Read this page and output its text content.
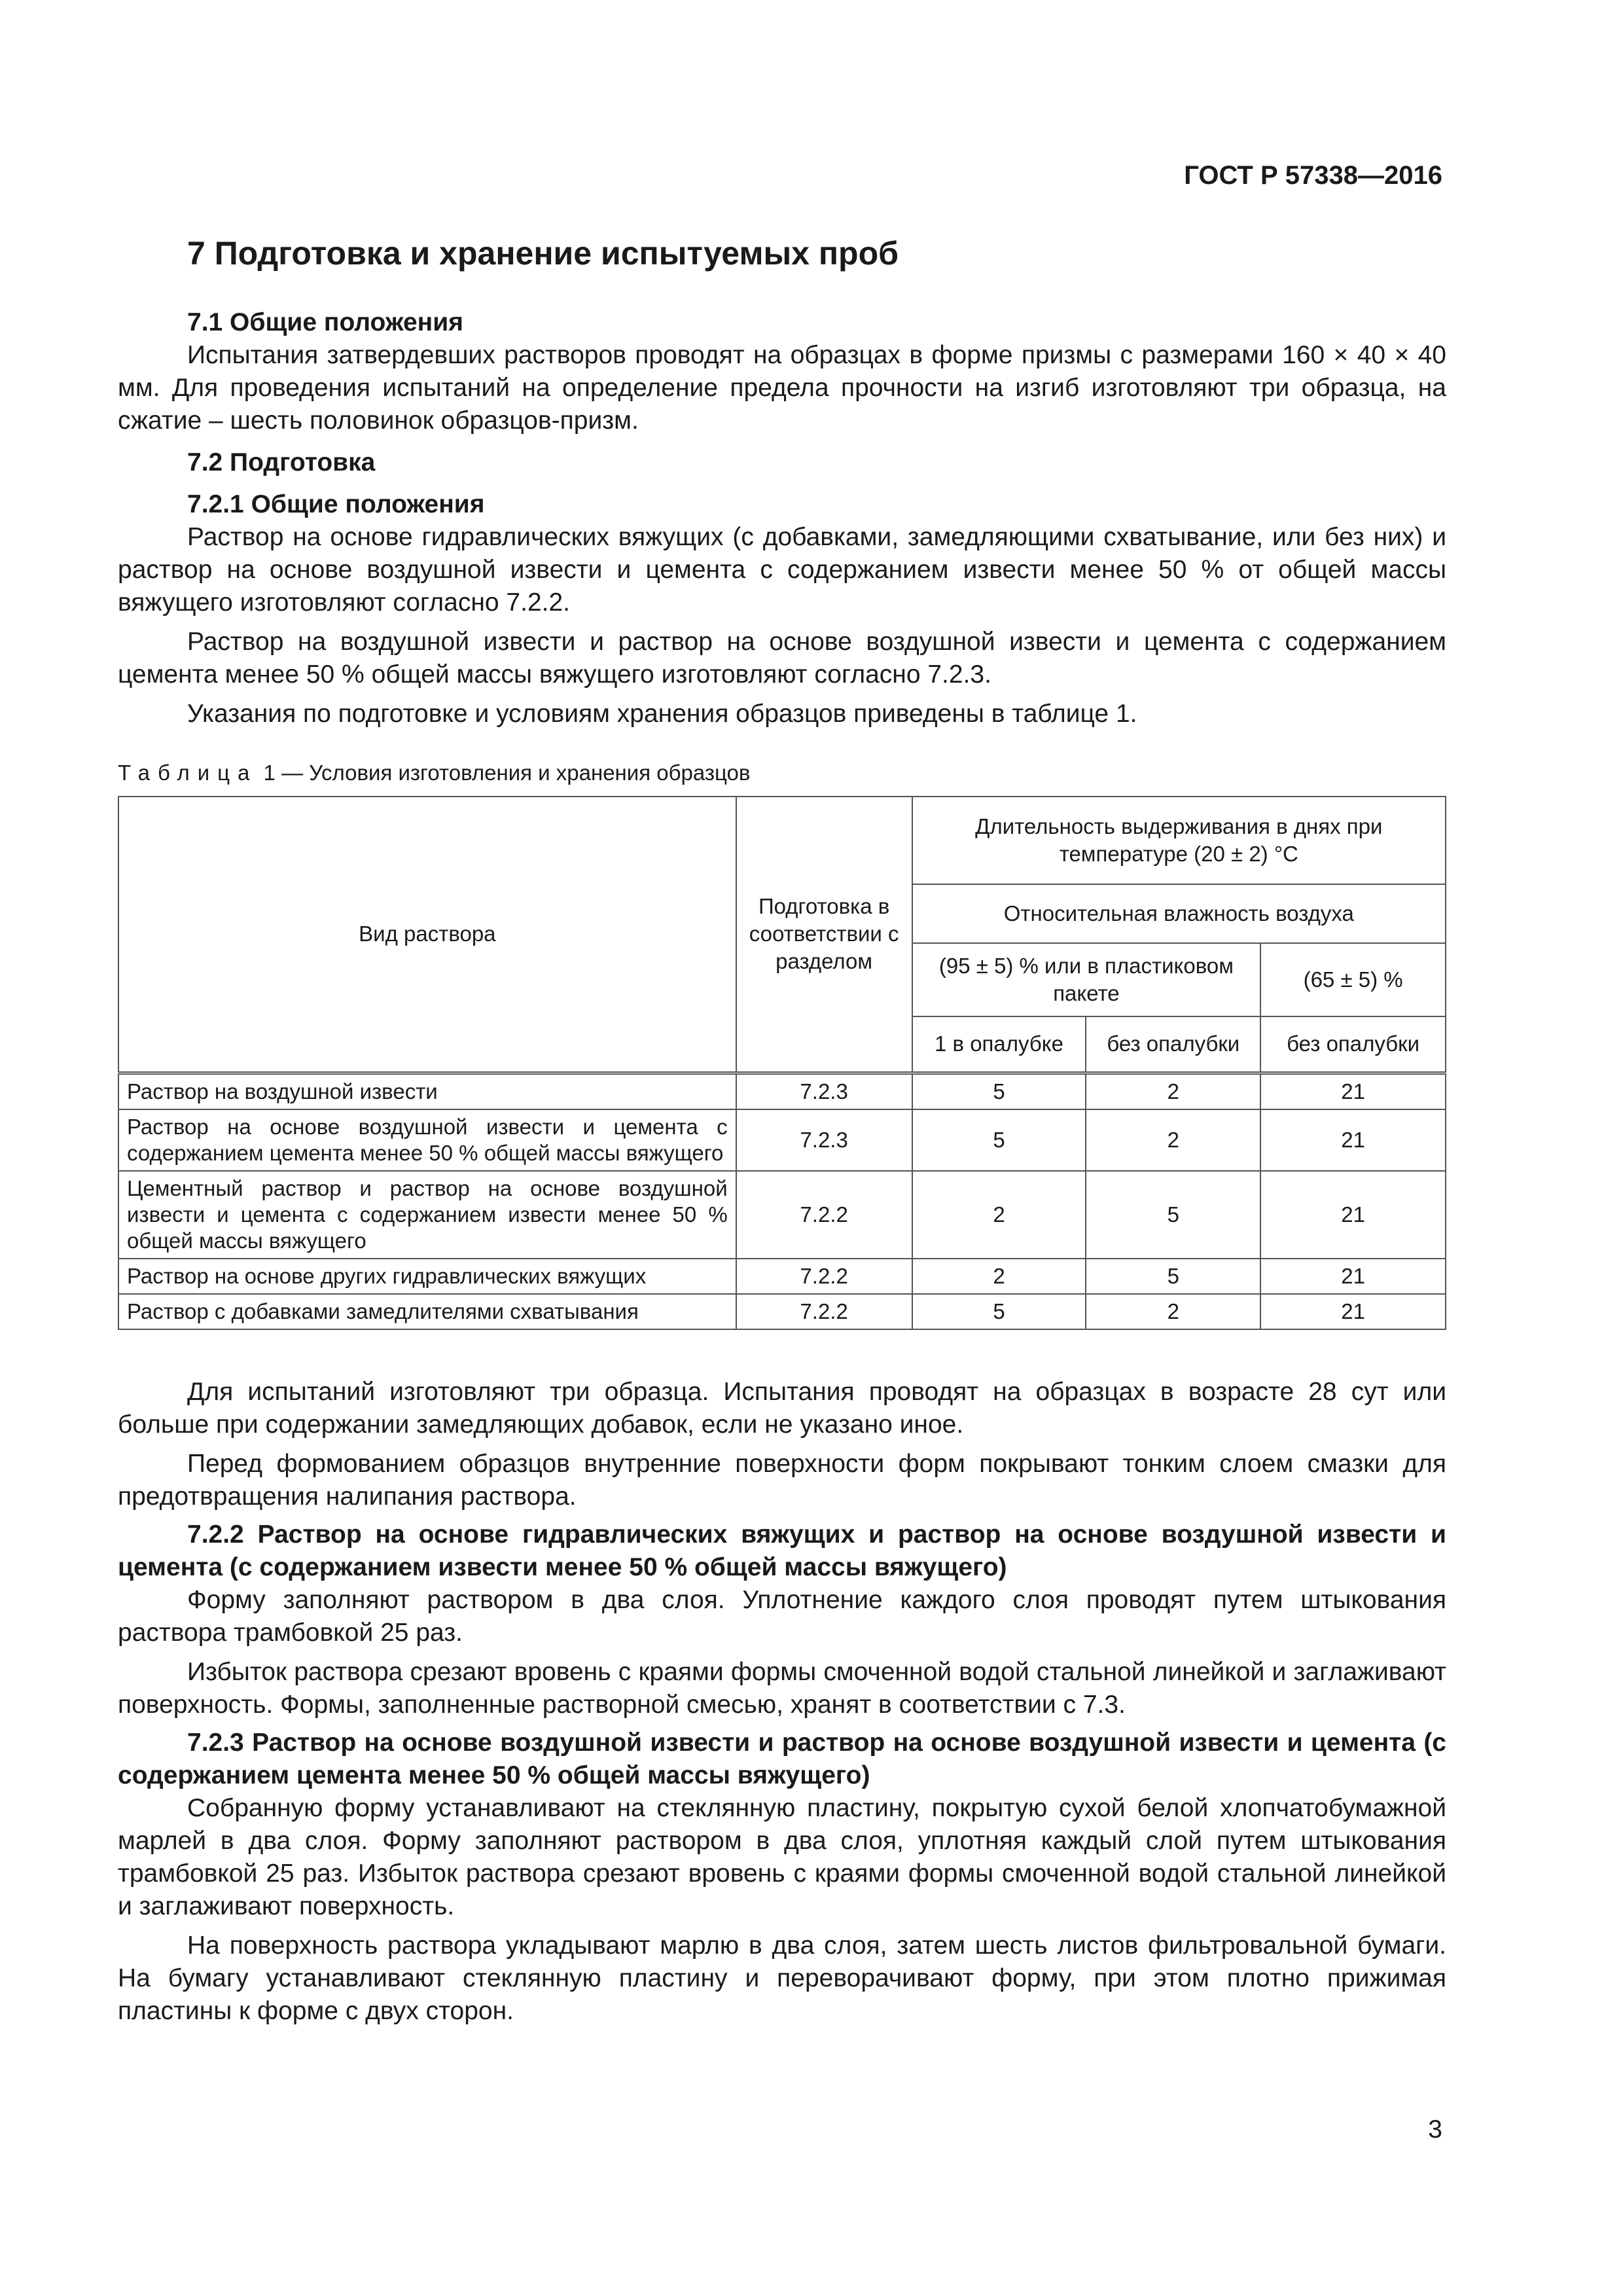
ГОСТ Р 57338—2016
7 Подготовка и хранение испытуемых проб
7.1 Общие положения

Испытания затвердевших растворов проводят на образцах в форме призмы с размерами 160 × 40 × 40 мм. Для проведения испытаний на определение предела прочности на изгиб изготовляют три образца, на сжатие – шесть половинок образцов-призм.

7.2 Подготовка
7.2.1 Общие положения

Раствор на основе гидравлических вяжущих (с добавками, замедляющими схватывание, или без них) и раствор на основе воздушной извести и цемента с содержанием извести менее 50 % от общей массы вяжущего изготовляют согласно 7.2.2.

Раствор на воздушной извести и раствор на основе воздушной извести и цемента с содержанием цемента менее 50 % общей массы вяжущего изготовляют согласно 7.2.3.

Указания по подготовке и условиям хранения образцов приведены в таблице 1.

Таблица 1 — Условия изготовления и хранения образцов
Вид раствора	Подготовка в соответствии с разделом	Длительность выдерживания в днях при температуре (20 ± 2) °С		
		Относительная влажность воздуха		
		(95 ± 5) % или в пластиковом пакете		(65 ± 5) %
		1 в опалубке	без опалубки	без опалубки
Раствор на воздушной извести	7.2.3	5	2	21
Раствор на основе воздушной извести и цемента с содержанием цемента менее 50 % общей массы вяжущего	7.2.3	5	2	21
Цементный раствор и раствор на основе воздушной извести и цемента с содержанием извести менее 50 % общей массы вяжущего	7.2.2	2	5	21
Раствор на основе других гидравлических вяжущих	7.2.2	2	5	21
Раствор с добавками замедлителями схватывания	7.2.2	5	2	21

Для испытаний изготовляют три образца. Испытания проводят на образцах в возрасте 28 сут или больше при содержании замедляющих добавок, если не указано иное.

Перед формованием образцов внутренние поверхности форм покрывают тонким слоем смазки для предотвращения налипания раствора.

7.2.2 Раствор на основе гидравлических вяжущих и раствор на основе воздушной извести и цемента (с содержанием извести менее 50 % общей массы вяжущего)

Форму заполняют раствором в два слоя. Уплотнение каждого слоя проводят путем штыкования раствора трамбовкой 25 раз.

Избыток раствора срезают вровень с краями формы смоченной водой стальной линейкой и заглаживают поверхность. Формы, заполненные растворной смесью, хранят в соответствии с 7.3.

7.2.3 Раствор на основе воздушной извести и раствор на основе воздушной извести и цемента (с содержанием цемента менее 50 % общей массы вяжущего)

Собранную форму устанавливают на стеклянную пластину, покрытую сухой белой хлопчатобумажной марлей в два слоя. Форму заполняют раствором в два слоя, уплотняя каждый слой путем штыкования трамбовкой 25 раз. Избыток раствора срезают вровень с краями формы смоченной водой стальной линейкой и заглаживают поверхность.

На поверхность раствора укладывают марлю в два слоя, затем шесть листов фильтровальной бумаги. На бумагу устанавливают стеклянную пластину и переворачивают форму, при этом плотно прижимая пластины к форме с двух сторон.

3
